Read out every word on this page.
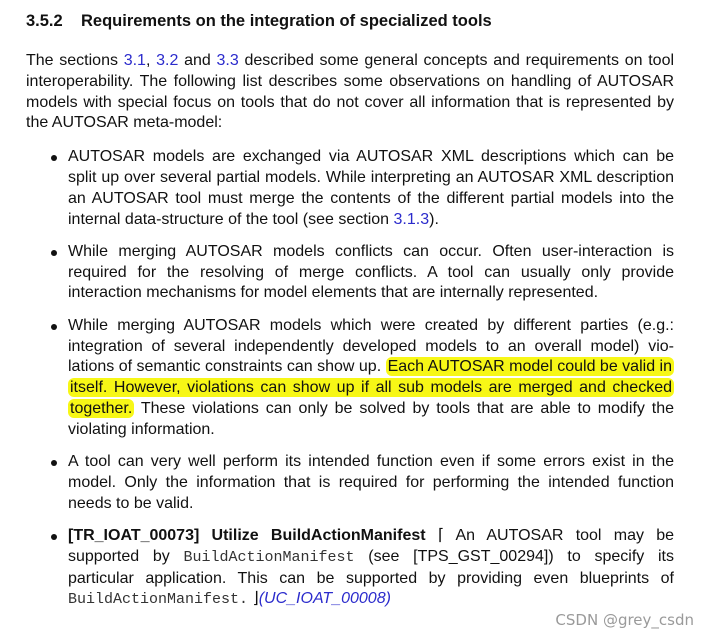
3.5.2 Requirements on the integration of specialized tools

The sections 3.1, 3.2 and 3.3 described some general concepts and requirements on tool interoperability. The following list describes some observations on handling of AUTOSAR models with special focus on tools that do not cover all information that is represented by the AUTOSAR meta-model:

AUTOSAR models are exchanged via AUTOSAR XML descriptions which can be split up over several partial models. While interpreting an AUTOSAR XML description an AUTOSAR tool must merge the contents of the different partial models into the internal data-structure of the tool (see section 3.1.3).
While merging AUTOSAR models conflicts can occur. Often user-interaction is required for the resolving of merge conflicts. A tool can usually only provide interaction mechanisms for model elements that are internally represented.
While merging AUTOSAR models which were created by different parties (e.g.: integration of several independently developed models to an overall model) vio-lations of semantic constraints can show up. Each AUTOSAR model could be valid in itself. However, violations can show up if all sub models are merged and checked together. These violations can only be solved by tools that are able to modify the violating information.
A tool can very well perform its intended function even if some errors exist in the model. Only the information that is required for performing the intended function needs to be valid.
[TR_IOAT_00073] Utilize BuildActionManifest ⌈ An AUTOSAR tool may be supported by BuildActionManifest (see [TPS_GST_00294]) to specify its particular application. This can be supported by providing even blueprints of BuildActionManifest. ⌋(UC_IOAT_00008)
CSDN @grey_csdn
